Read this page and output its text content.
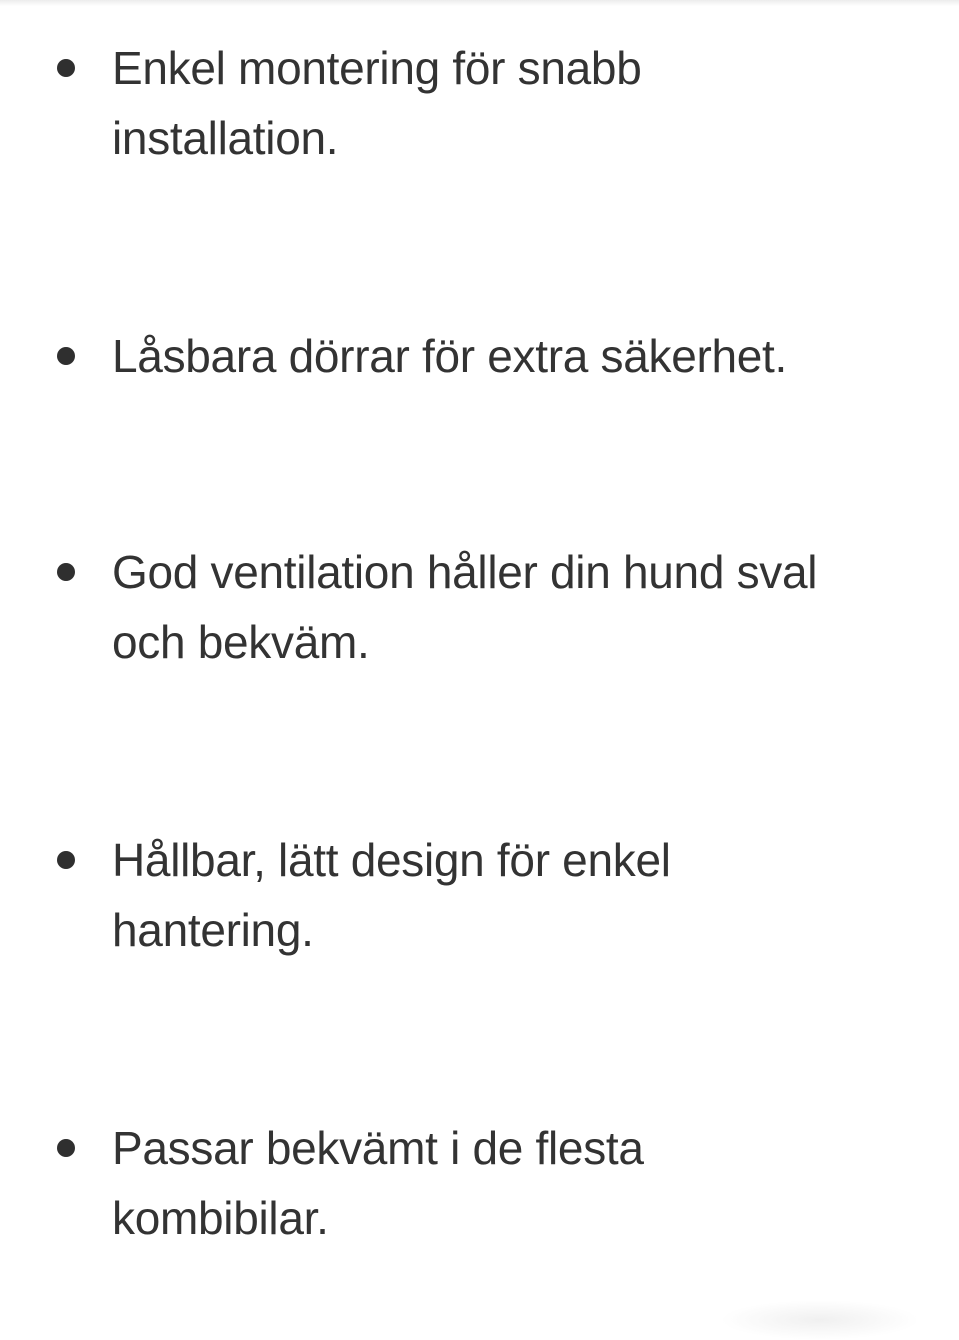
Enkel montering för snabb
installation.
Låsbara dörrar för extra säkerhet.
God ventilation håller din hund sval
och bekväm.
Hållbar, lätt design för enkel
hantering.
Passar bekvämt i de flesta
kombibilar.
